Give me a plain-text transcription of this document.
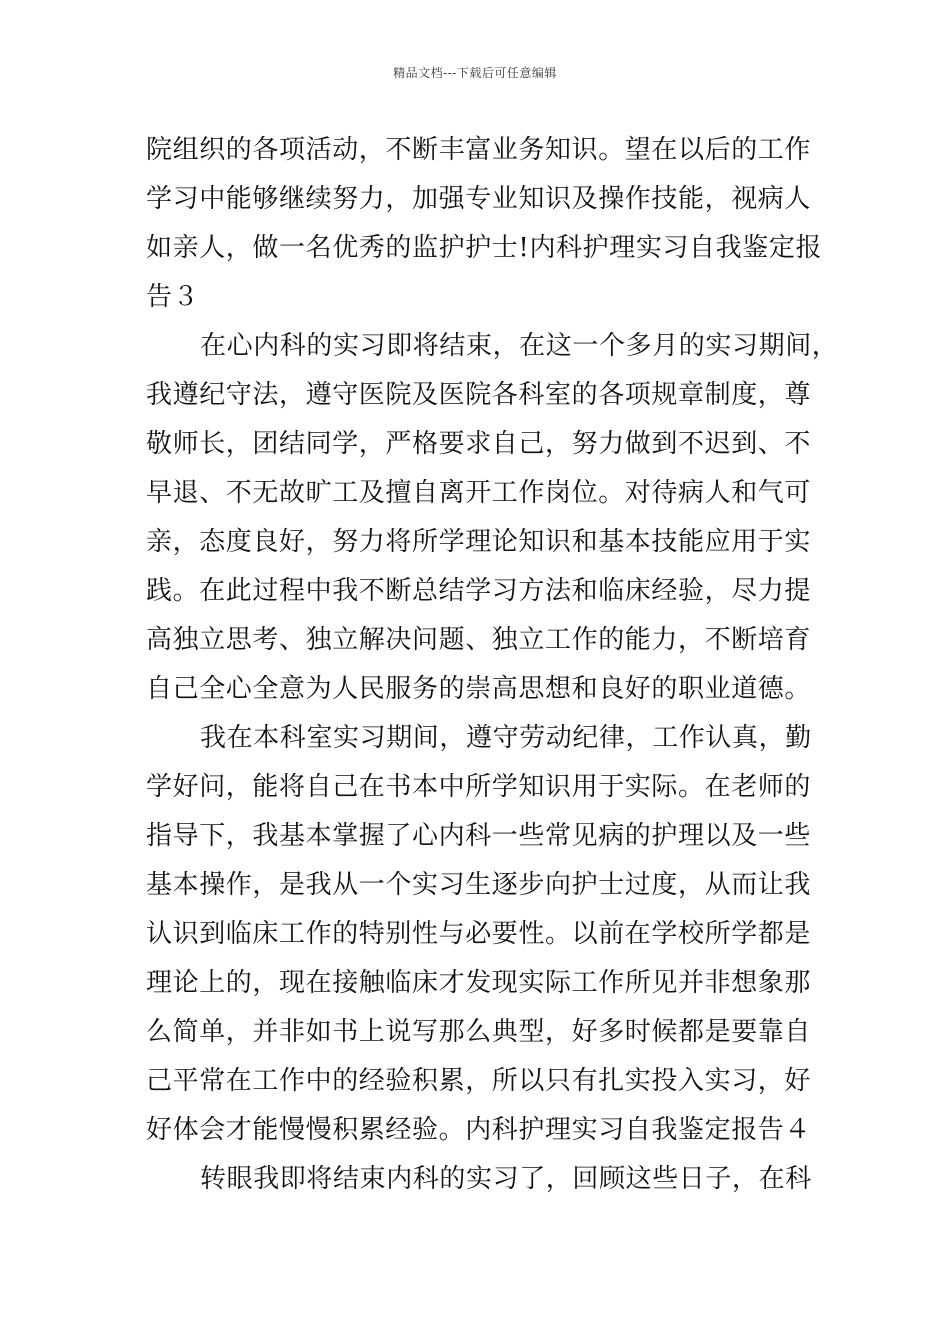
精品文档---下载后可任意编辑

院组织的各项活动，不断丰富业务知识。望在以后的工作
学习中能够继续努力，加强专业知识及操作技能，视病人
如亲人，做一名优秀的监护护士!内科护理实习自我鉴定报
告３

在心内科的实习即将结束，在这一个多月的实习期间，
我遵纪守法，遵守医院及医院各科室的各项规章制度，尊
敬师长，团结同学，严格要求自己，努力做到不迟到、不
早退、不无故旷工及擅自离开工作岗位。对待病人和气可
亲，态度良好，努力将所学理论知识和基本技能应用于实
践。在此过程中我不断总结学习方法和临床经验，尽力提
高独立思考、独立解决问题、独立工作的能力，不断培育
自己全心全意为人民服务的崇高思想和良好的职业道德。

我在本科室实习期间，遵守劳动纪律，工作认真，勤
学好问，能将自己在书本中所学知识用于实际。在老师的
指导下，我基本掌握了心内科一些常见病的护理以及一些
基本操作，是我从一个实习生逐步向护士过度，从而让我
认识到临床工作的特别性与必要性。以前在学校所学都是
理论上的，现在接触临床才发现实际工作所见并非想象那
么简单，并非如书上说写那么典型，好多时候都是要靠自
己平常在工作中的经验积累，所以只有扎实投入实习，好
好体会才能慢慢积累经验。内科护理实习自我鉴定报告４

转眼我即将结束内科的实习了，回顾这些日子，在科
